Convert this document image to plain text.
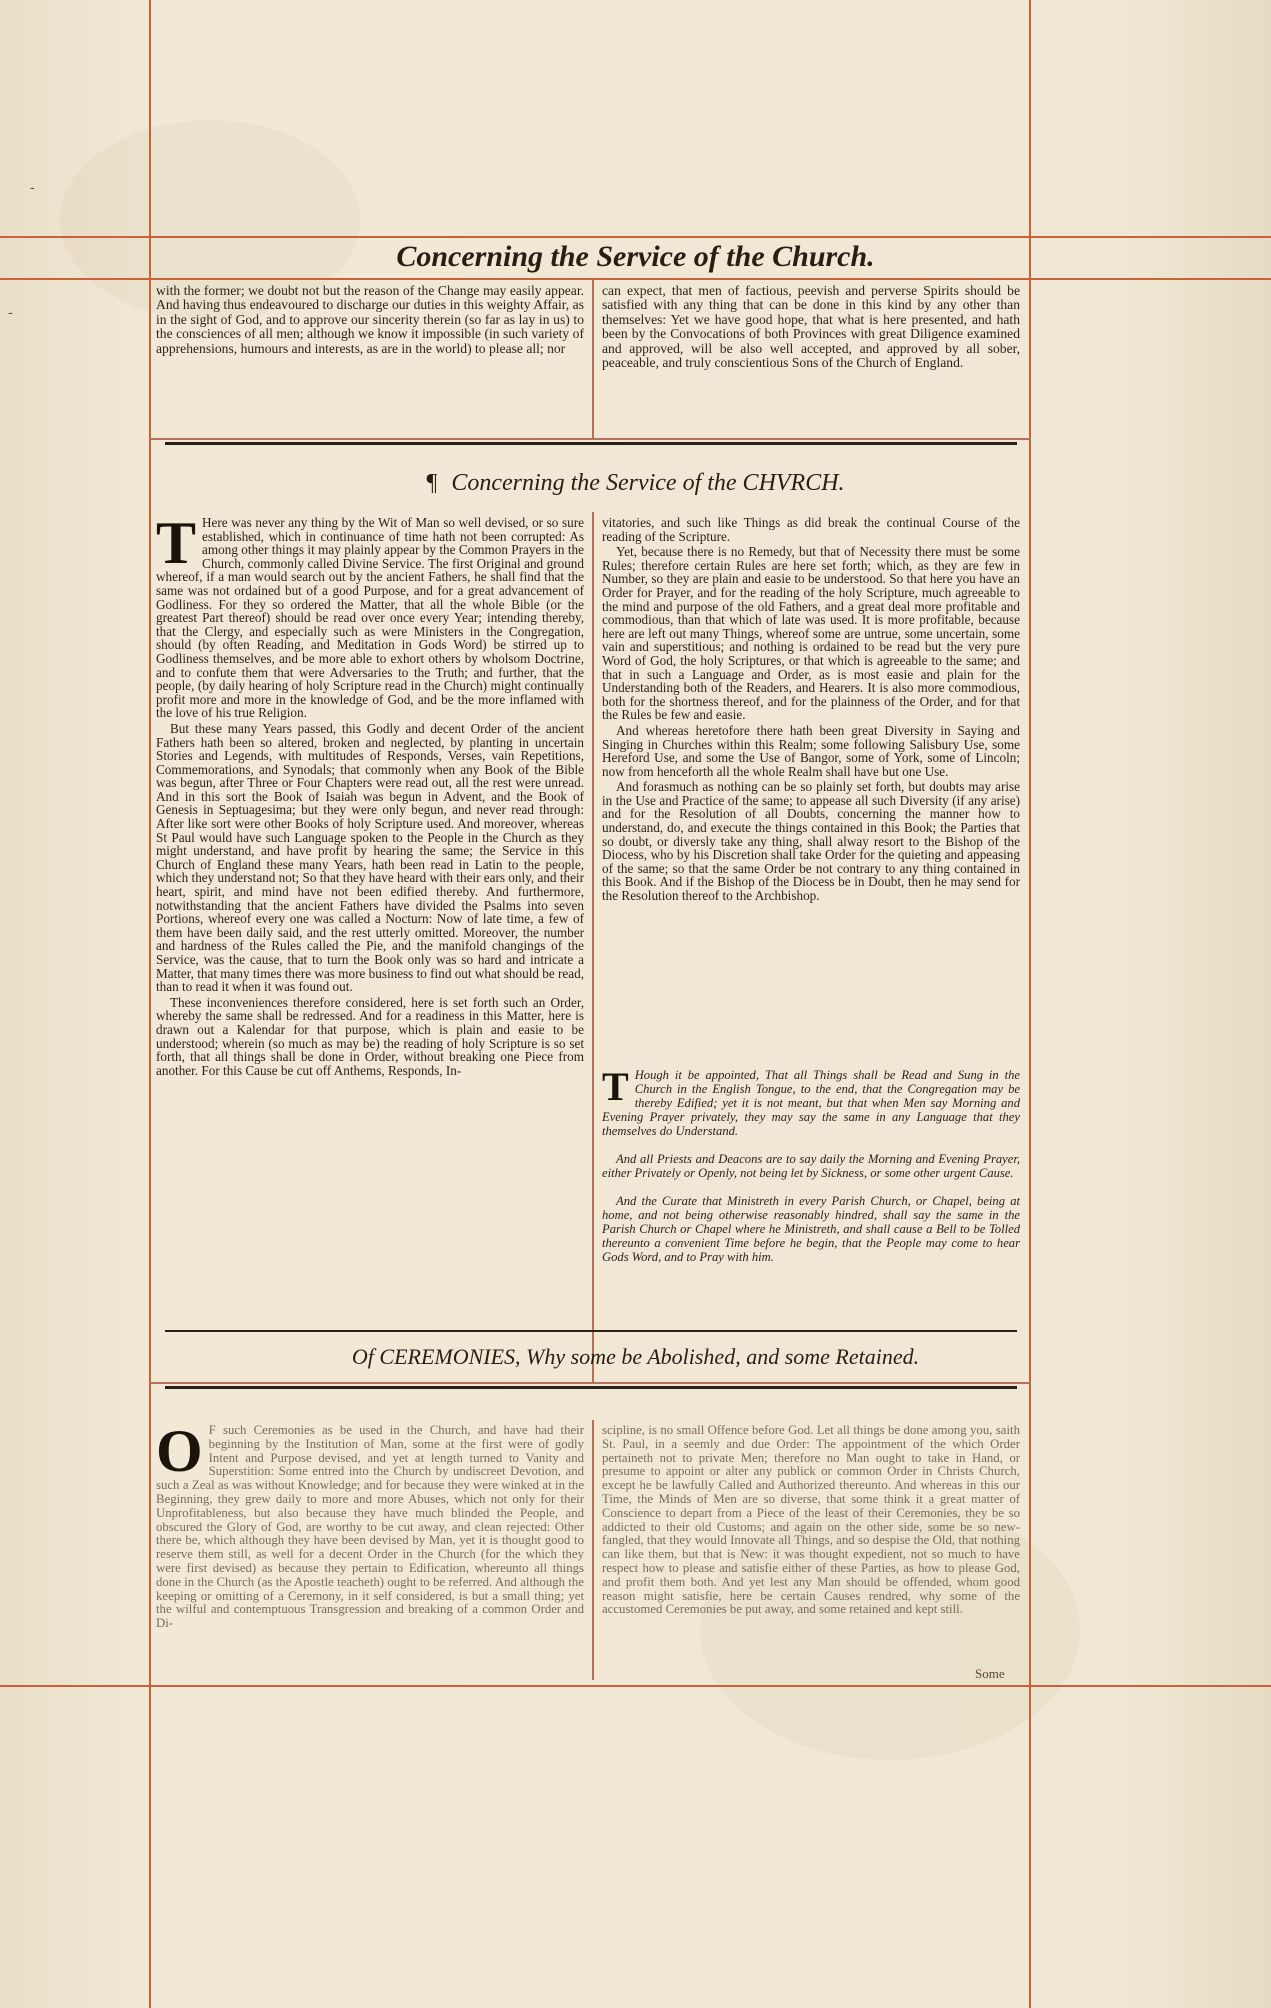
‐
‐
Concerning the Service of the Church.

with the former; we doubt not but the reason of the Change may easily appear. And having thus endeavoured to discharge our duties in this weighty Affair, as in the sight of God, and to approve our sincerity therein (so far as lay in us) to the consciences of all men; although we know it impossible (in such variety of apprehensions, humours and interests, as are in the world) to please all; nor

can expect, that men of factious, peevish and perverse Spirits should be satisfied with any thing that can be done in this kind by any other than themselves: Yet we have good hope, that what is here presented, and hath been by the Convocations of both Provinces with great Diligence examined and approved, will be also well accepted, and approved by all sober, peaceable, and truly conscientious Sons of the Church of England.

¶ Concerning the Service of the CHVRCH.
T Here was never any thing by the Wit of Man so well devised, or so sure established, which in continuance of time hath not been corrupted: As among other things it may plainly appear by the Common Prayers in the Church, commonly called Divine Service. The first Original and ground whereof, if a man would search out by the ancient Fathers, he shall find that the same was not ordained but of a good Purpose, and for a great advancement of Godliness. For they so ordered the Matter, that all the whole Bible (or the greatest Part thereof) should be read over once every Year; intending thereby, that the Clergy, and especially such as were Ministers in the Congregation, should (by often Reading, and Meditation in Gods Word) be stirred up to Godliness themselves, and be more able to exhort others by wholsom Doctrine, and to confute them that were Adversaries to the Truth; and further, that the people, (by daily hearing of holy Scripture read in the Church) might continually profit more and more in the knowledge of God, and be the more inflamed with the love of his true Religion.

But these many Years passed, this Godly and decent Order of the ancient Fathers hath been so altered, broken and neglected, by planting in uncertain Stories and Legends, with multitudes of Responds, Verses, vain Repetitions, Commemorations, and Synodals; that commonly when any Book of the Bible was begun, after Three or Four Chapters were read out, all the rest were unread. And in this sort the Book of Isaiah was begun in Advent, and the Book of Genesis in Septuagesima; but they were only begun, and never read through: After like sort were other Books of holy Scripture used. And moreover, whereas St Paul would have such Language spoken to the People in the Church as they might understand, and have profit by hearing the same; the Service in this Church of England these many Years, hath been read in Latin to the people, which they understand not; So that they have heard with their ears only, and their heart, spirit, and mind have not been edified thereby. And furthermore, notwithstanding that the ancient Fathers have divided the Psalms into seven Portions, whereof every one was called a Nocturn: Now of late time, a few of them have been daily said, and the rest utterly omitted. Moreover, the number and hardness of the Rules called the Pie, and the manifold changings of the Service, was the cause, that to turn the Book only was so hard and intricate a Matter, that many times there was more business to find out what should be read, than to read it when it was found out.

These inconveniences therefore considered, here is set forth such an Order, whereby the same shall be redressed. And for a readiness in this Matter, here is drawn out a Kalendar for that purpose, which is plain and easie to be understood; wherein (so much as may be) the reading of holy Scripture is so set forth, that all things shall be done in Order, without breaking one Piece from another. For this Cause be cut off Anthems, Responds, In-

vitatories, and such like Things as did break the continual Course of the reading of the Scripture.

Yet, because there is no Remedy, but that of Necessity there must be some Rules; therefore certain Rules are here set forth; which, as they are few in Number, so they are plain and easie to be understood. So that here you have an Order for Prayer, and for the reading of the holy Scripture, much agreeable to the mind and purpose of the old Fathers, and a great deal more profitable and commodious, than that which of late was used. It is more profitable, because here are left out many Things, whereof some are untrue, some uncertain, some vain and superstitious; and nothing is ordained to be read but the very pure Word of God, the holy Scriptures, or that which is agreeable to the same; and that in such a Language and Order, as is most easie and plain for the Understanding both of the Readers, and Hearers. It is also more commodious, both for the shortness thereof, and for the plainness of the Order, and for that the Rules be few and easie.

And whereas heretofore there hath been great Diversity in Saying and Singing in Churches within this Realm; some following Salisbury Use, some Hereford Use, and some the Use of Bangor, some of York, some of Lincoln; now from henceforth all the whole Realm shall have but one Use.

And forasmuch as nothing can be so plainly set forth, but doubts may arise in the Use and Practice of the same; to appease all such Diversity (if any arise) and for the Resolution of all Doubts, concerning the manner how to understand, do, and execute the things contained in this Book; the Parties that so doubt, or diversly take any thing, shall alway resort to the Bishop of the Diocess, who by his Discretion shall take Order for the quieting and appeasing of the same; so that the same Order be not contrary to any thing contained in this Book. And if the Bishop of the Diocess be in Doubt, then he may send for the Resolution thereof to the Archbishop.

T Hough it be appointed, That all Things shall be Read and Sung in the Church in the English Tongue, to the end, that the Congregation may be thereby Edified; yet it is not meant, but that when Men say Morning and Evening Prayer privately, they may say the same in any Language that they themselves do Understand.

And all Priests and Deacons are to say daily the Morning and Evening Prayer, either Privately or Openly, not being let by Sickness, or some other urgent Cause.

And the Curate that Ministreth in every Parish Church, or Chapel, being at home, and not being otherwise reasonably hindred, shall say the same in the Parish Church or Chapel where he Ministreth, and shall cause a Bell to be Tolled thereunto a convenient Time before he begin, that the People may come to hear Gods Word, and to Pray with him.

Of CEREMONIES, Why some be Abolished, and some Retained.
O F such Ceremonies as be used in the Church, and have had their beginning by the Institution of Man, some at the first were of godly Intent and Purpose devised, and yet at length turned to Vanity and Superstition: Some entred into the Church by undiscreet Devotion, and such a Zeal as was without Knowledge; and for because they were winked at in the Beginning, they grew daily to more and more Abuses, which not only for their Unprofitableness, but also because they have much blinded the People, and obscured the Glory of God, are worthy to be cut away, and clean rejected: Other there be, which although they have been devised by Man, yet it is thought good to reserve them still, as well for a decent Order in the Church (for the which they were first devised) as because they pertain to Edification, whereunto all things done in the Church (as the Apostle teacheth) ought to be referred. And although the keeping or omitting of a Ceremony, in it self considered, is but a small thing; yet the wilful and contemptuous Transgression and breaking of a common Order and Di-

scipline, is no small Offence before God. Let all things be done among you, saith St. Paul, in a seemly and due Order: The appointment of the which Order pertaineth not to private Men; therefore no Man ought to take in Hand, or presume to appoint or alter any publick or common Order in Christs Church, except he be lawfully Called and Authorized thereunto. And whereas in this our Time, the Minds of Men are so diverse, that some think it a great matter of Conscience to depart from a Piece of the least of their Ceremonies, they be so addicted to their old Customs; and again on the other side, some be so new-fangled, that they would Innovate all Things, and so despise the Old, that nothing can like them, but that is New: it was thought expedient, not so much to have respect how to please and satisfie either of these Parties, as how to please God, and profit them both. And yet lest any Man should be offended, whom good reason might satisfie, here be certain Causes rendred, why some of the accustomed Ceremonies be put away, and some retained and kept still.

Some
